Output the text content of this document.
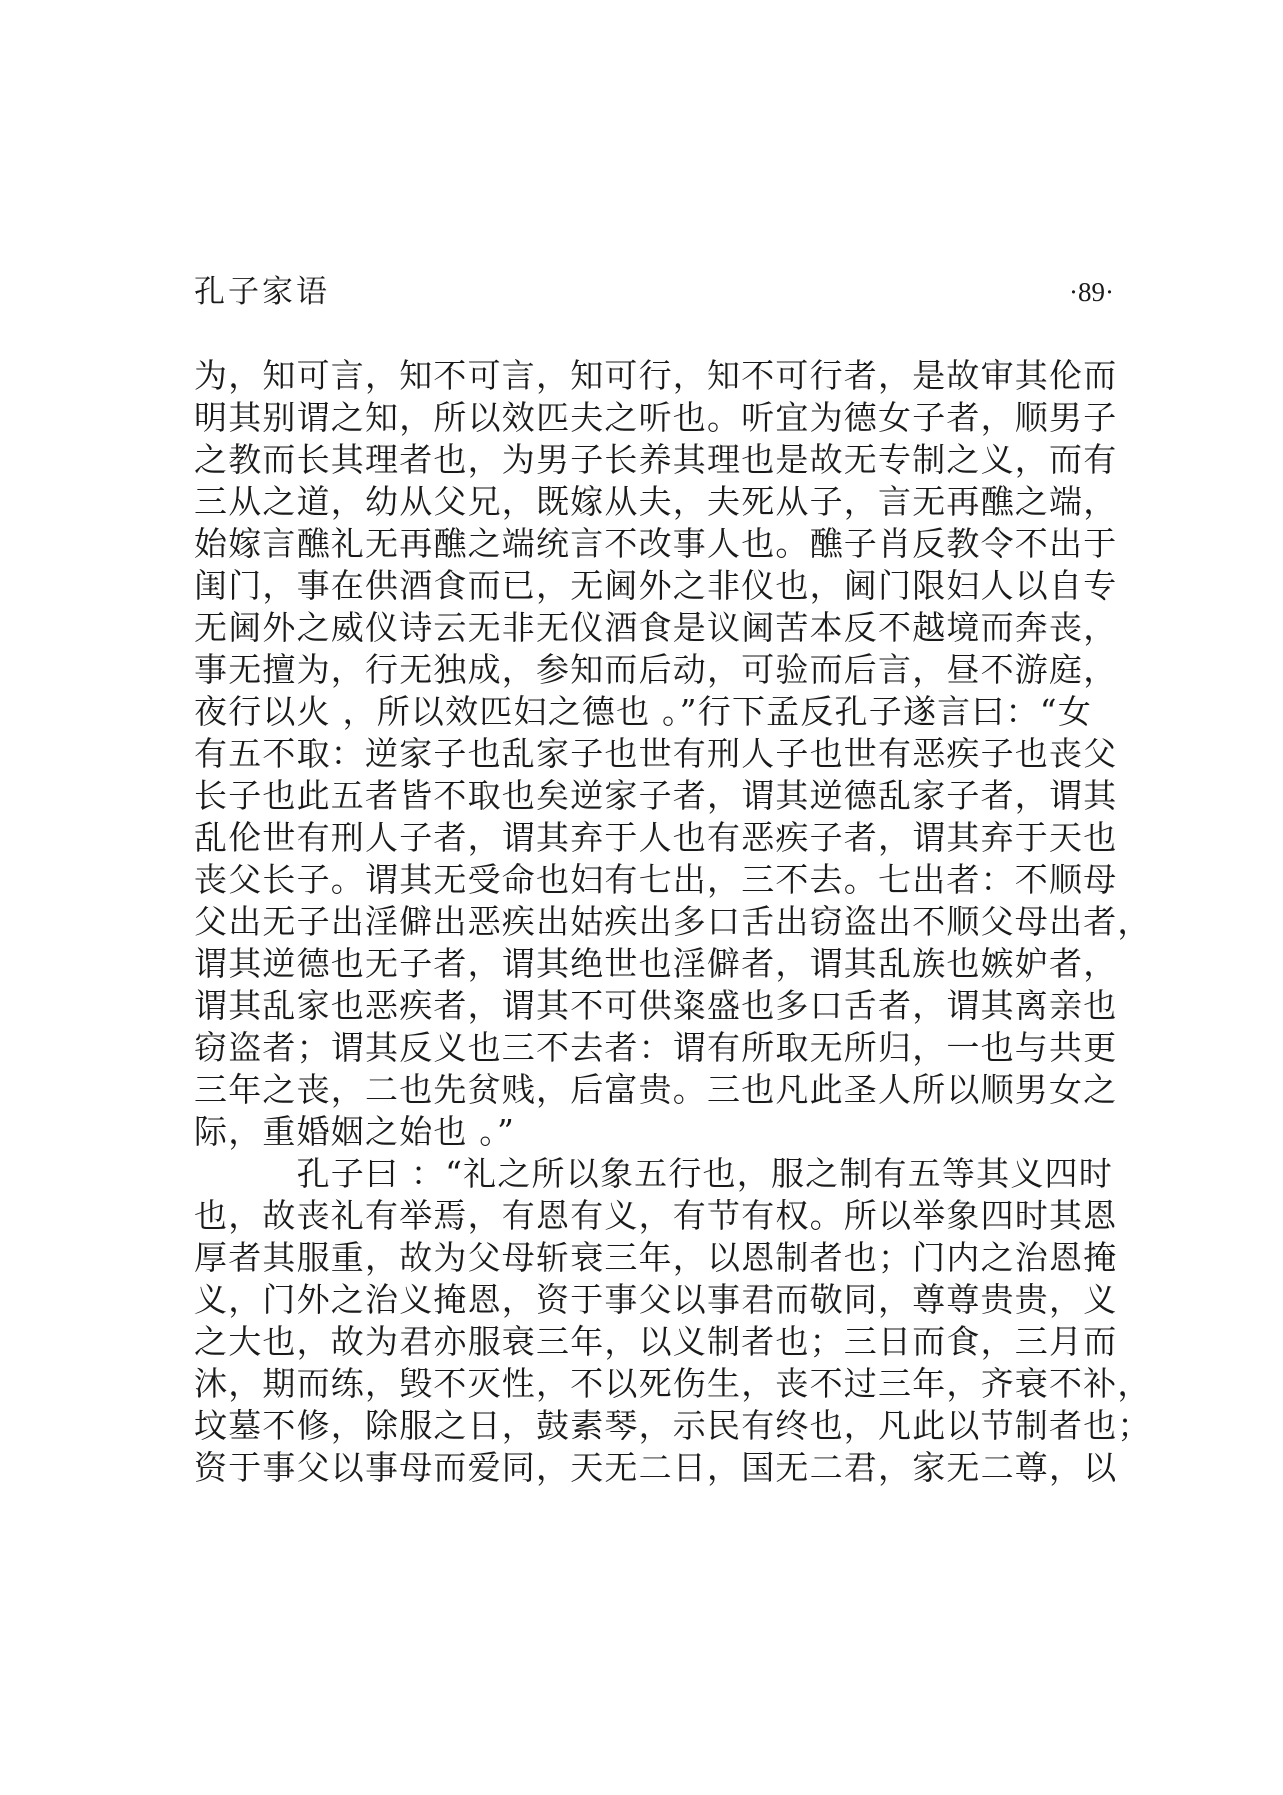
孔子家语	·89·
为，知可言，知不可言，知可行，知不可行者，是故审其伦而
明其别谓之知，所以效匹夫之听也。听宜为德女子者，顺男子
之教而长其理者也，为男子长养其理也是故无专制之义，而有
三从之道，幼从父兄，既嫁从夫，夫死从子，言无再醮之端，
始嫁言醮礼无再醮之端统言不改事人也。醮子肖反教令不出于
闺门，事在供酒食而已，无阃外之非仪也，阃门限妇人以自专
无阃外之威仪诗云无非无仪酒食是议阃苦本反不越境而奔丧，
事无擅为，行无独成，参知而后动，可验而后言，昼不游庭，
夜行以火 ，所以效匹妇之德也 。”行下孟反孔子遂言曰：“女
有五不取：逆家子也乱家子也世有刑人子也世有恶疾子也丧父
长子也此五者皆不取也矣逆家子者，谓其逆德乱家子者，谓其
乱伦世有刑人子者，谓其弃于人也有恶疾子者，谓其弃于天也
丧父长子。谓其无受命也妇有七出，三不去。七出者：不顺母
父出无子出淫僻出恶疾出姑疾出多口舌出窃盗出不顺父母出者，
谓其逆德也无子者，谓其绝世也淫僻者，谓其乱族也嫉妒者，
谓其乱家也恶疾者，谓其不可供粢盛也多口舌者，谓其离亲也
窃盗者；谓其反义也三不去者：谓有所取无所归，一也与共更
三年之丧，二也先贫贱，后富贵。三也凡此圣人所以顺男女之
际，重婚姻之始也 。”
　　　孔子曰 ：“礼之所以象五行也，服之制有五等其义四时
也，故丧礼有举焉，有恩有义，有节有权。所以举象四时其恩
厚者其服重，故为父母斩衰三年，以恩制者也；门内之治恩掩
义，门外之治义掩恩，资于事父以事君而敬同，尊尊贵贵，义
之大也，故为君亦服衰三年，以义制者也；三日而食，三月而
沐，期而练，毁不灭性，不以死伤生，丧不过三年，齐衰不补，
坟墓不修，除服之日，鼓素琴，示民有终也，凡此以节制者也；
资于事父以事母而爱同，天无二日，国无二君，家无二尊，以
